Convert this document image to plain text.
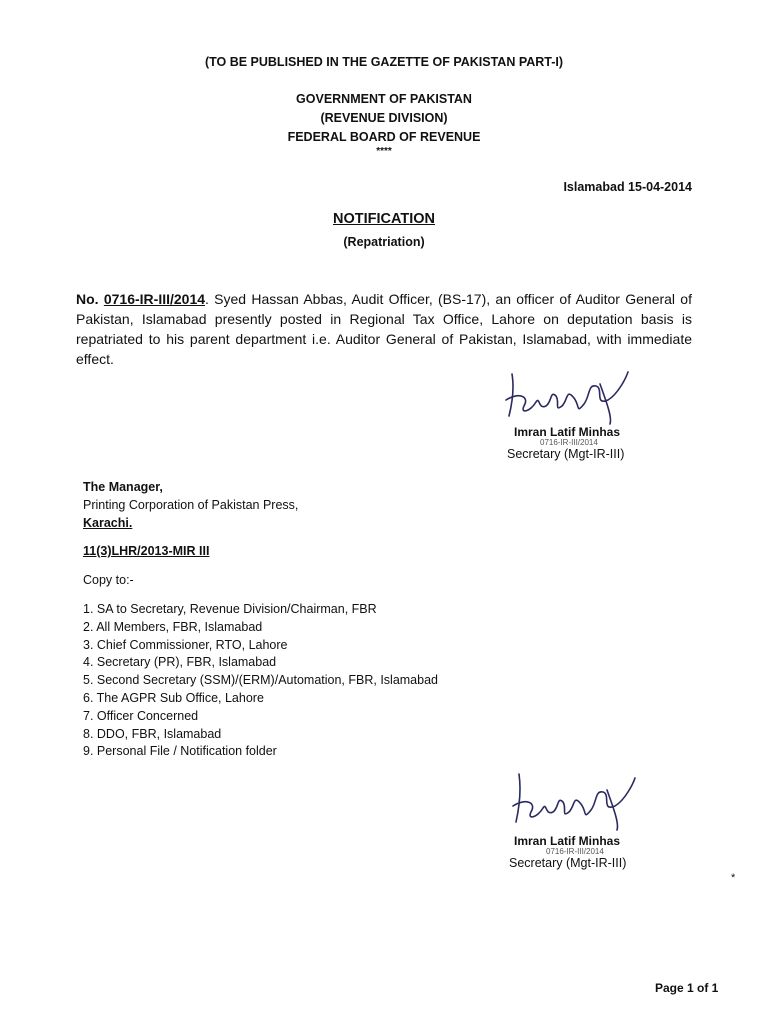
(TO BE PUBLISHED IN THE GAZETTE OF PAKISTAN PART-I)
GOVERNMENT OF PAKISTAN
(REVENUE DIVISION)
FEDERAL BOARD OF REVENUE
****
Islamabad 15-04-2014
NOTIFICATION
(Repatriation)
No. 0716-IR-III/2014. Syed Hassan Abbas, Audit Officer, (BS-17), an officer of Auditor General of Pakistan, Islamabad presently posted in Regional Tax Office, Lahore on deputation basis is repatriated to his parent department i.e. Auditor General of Pakistan, Islamabad, with immediate effect.
Imran Latif Minhas
0716-IR-III/2014
Secretary (Mgt-IR-III)
The Manager,
Printing Corporation of Pakistan Press,
Karachi.
11(3)LHR/2013-MIR III
Copy to:-
1. SA to Secretary, Revenue Division/Chairman, FBR
2. All Members, FBR, Islamabad
3. Chief Commissioner, RTO, Lahore
4. Secretary (PR), FBR, Islamabad
5. Second Secretary (SSM)/(ERM)/Automation, FBR, Islamabad
6. The AGPR Sub Office, Lahore
7. Officer Concerned
8. DDO, FBR, Islamabad
9. Personal File / Notification folder
Imran Latif Minhas
0716-IR-III/2014
Secretary (Mgt-IR-III)
*
Page 1 of 1
